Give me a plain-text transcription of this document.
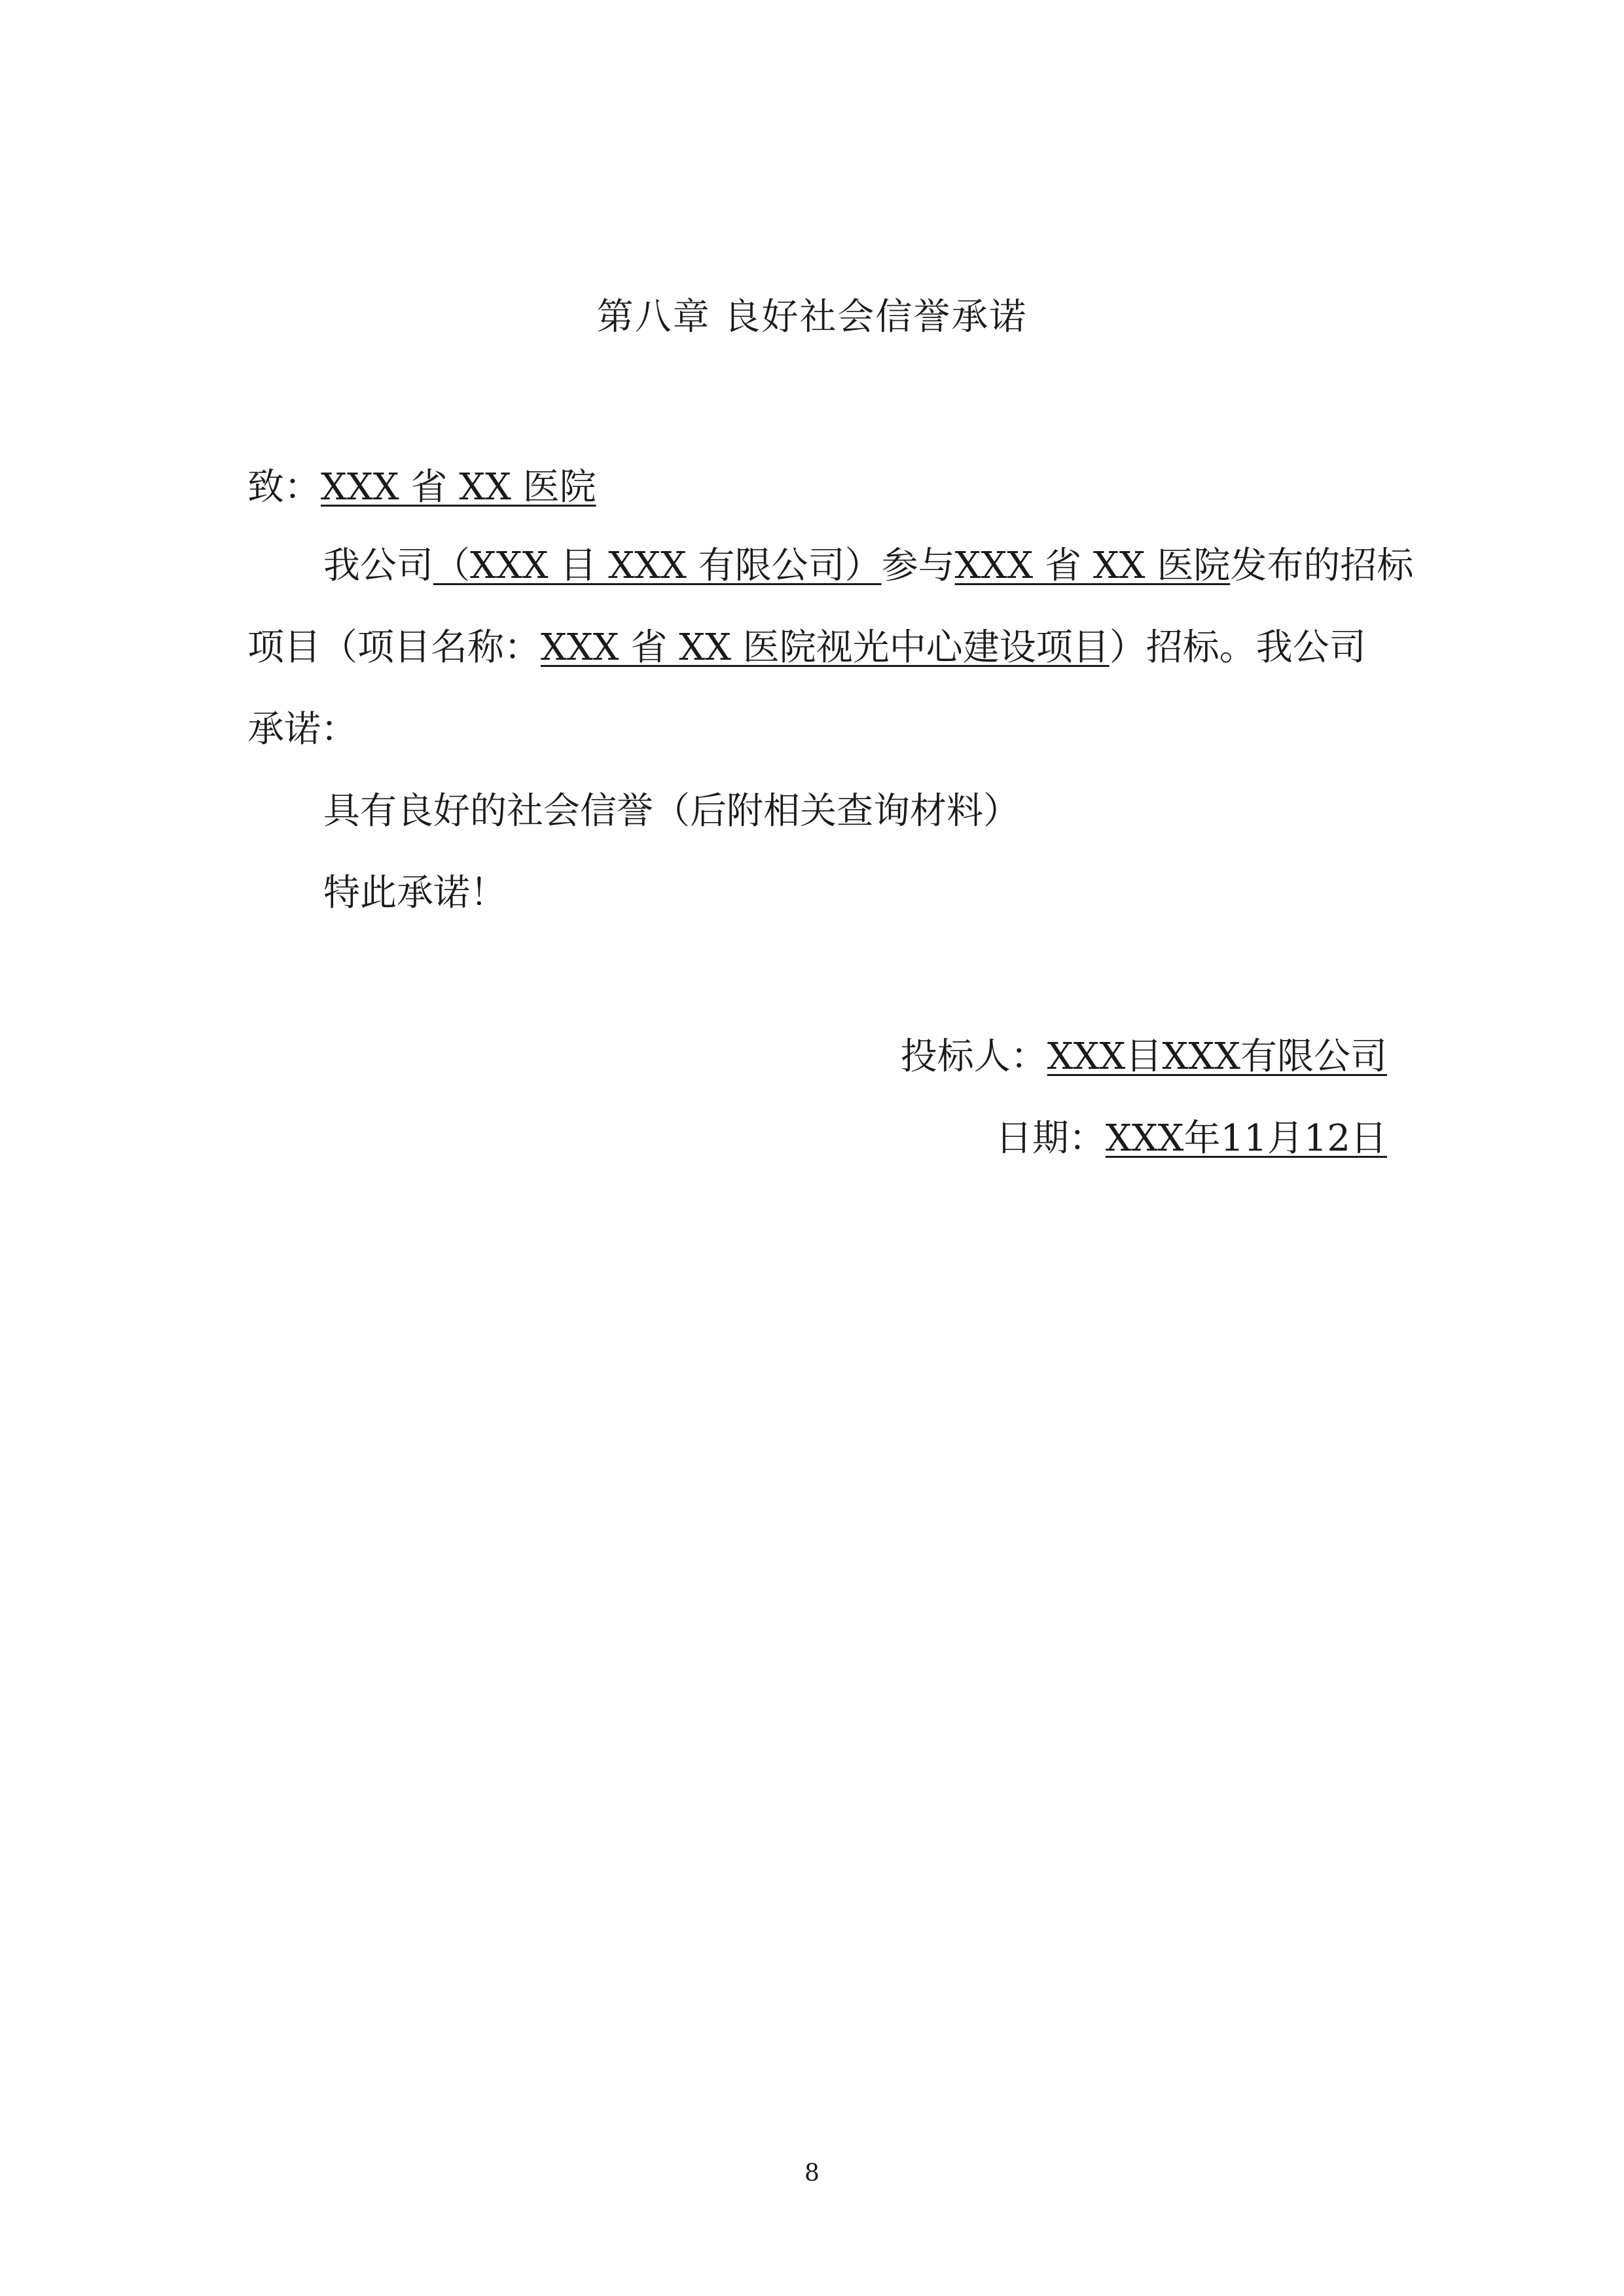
第八章 良好社会信誉承诺
致：XXX 省 XX 医院
我公司（XXX 目 XXX 有限公司）参与XXX 省 XX 医院发布的招标
项目（项目名称：XXX 省 XX 医院视光中心建设项目）招标。我公司
承诺：
具有良好的社会信誉（后附相关查询材料）
特此承诺！
投标人：XXX目XXX有限公司
日期：XXX年11月12日
8
